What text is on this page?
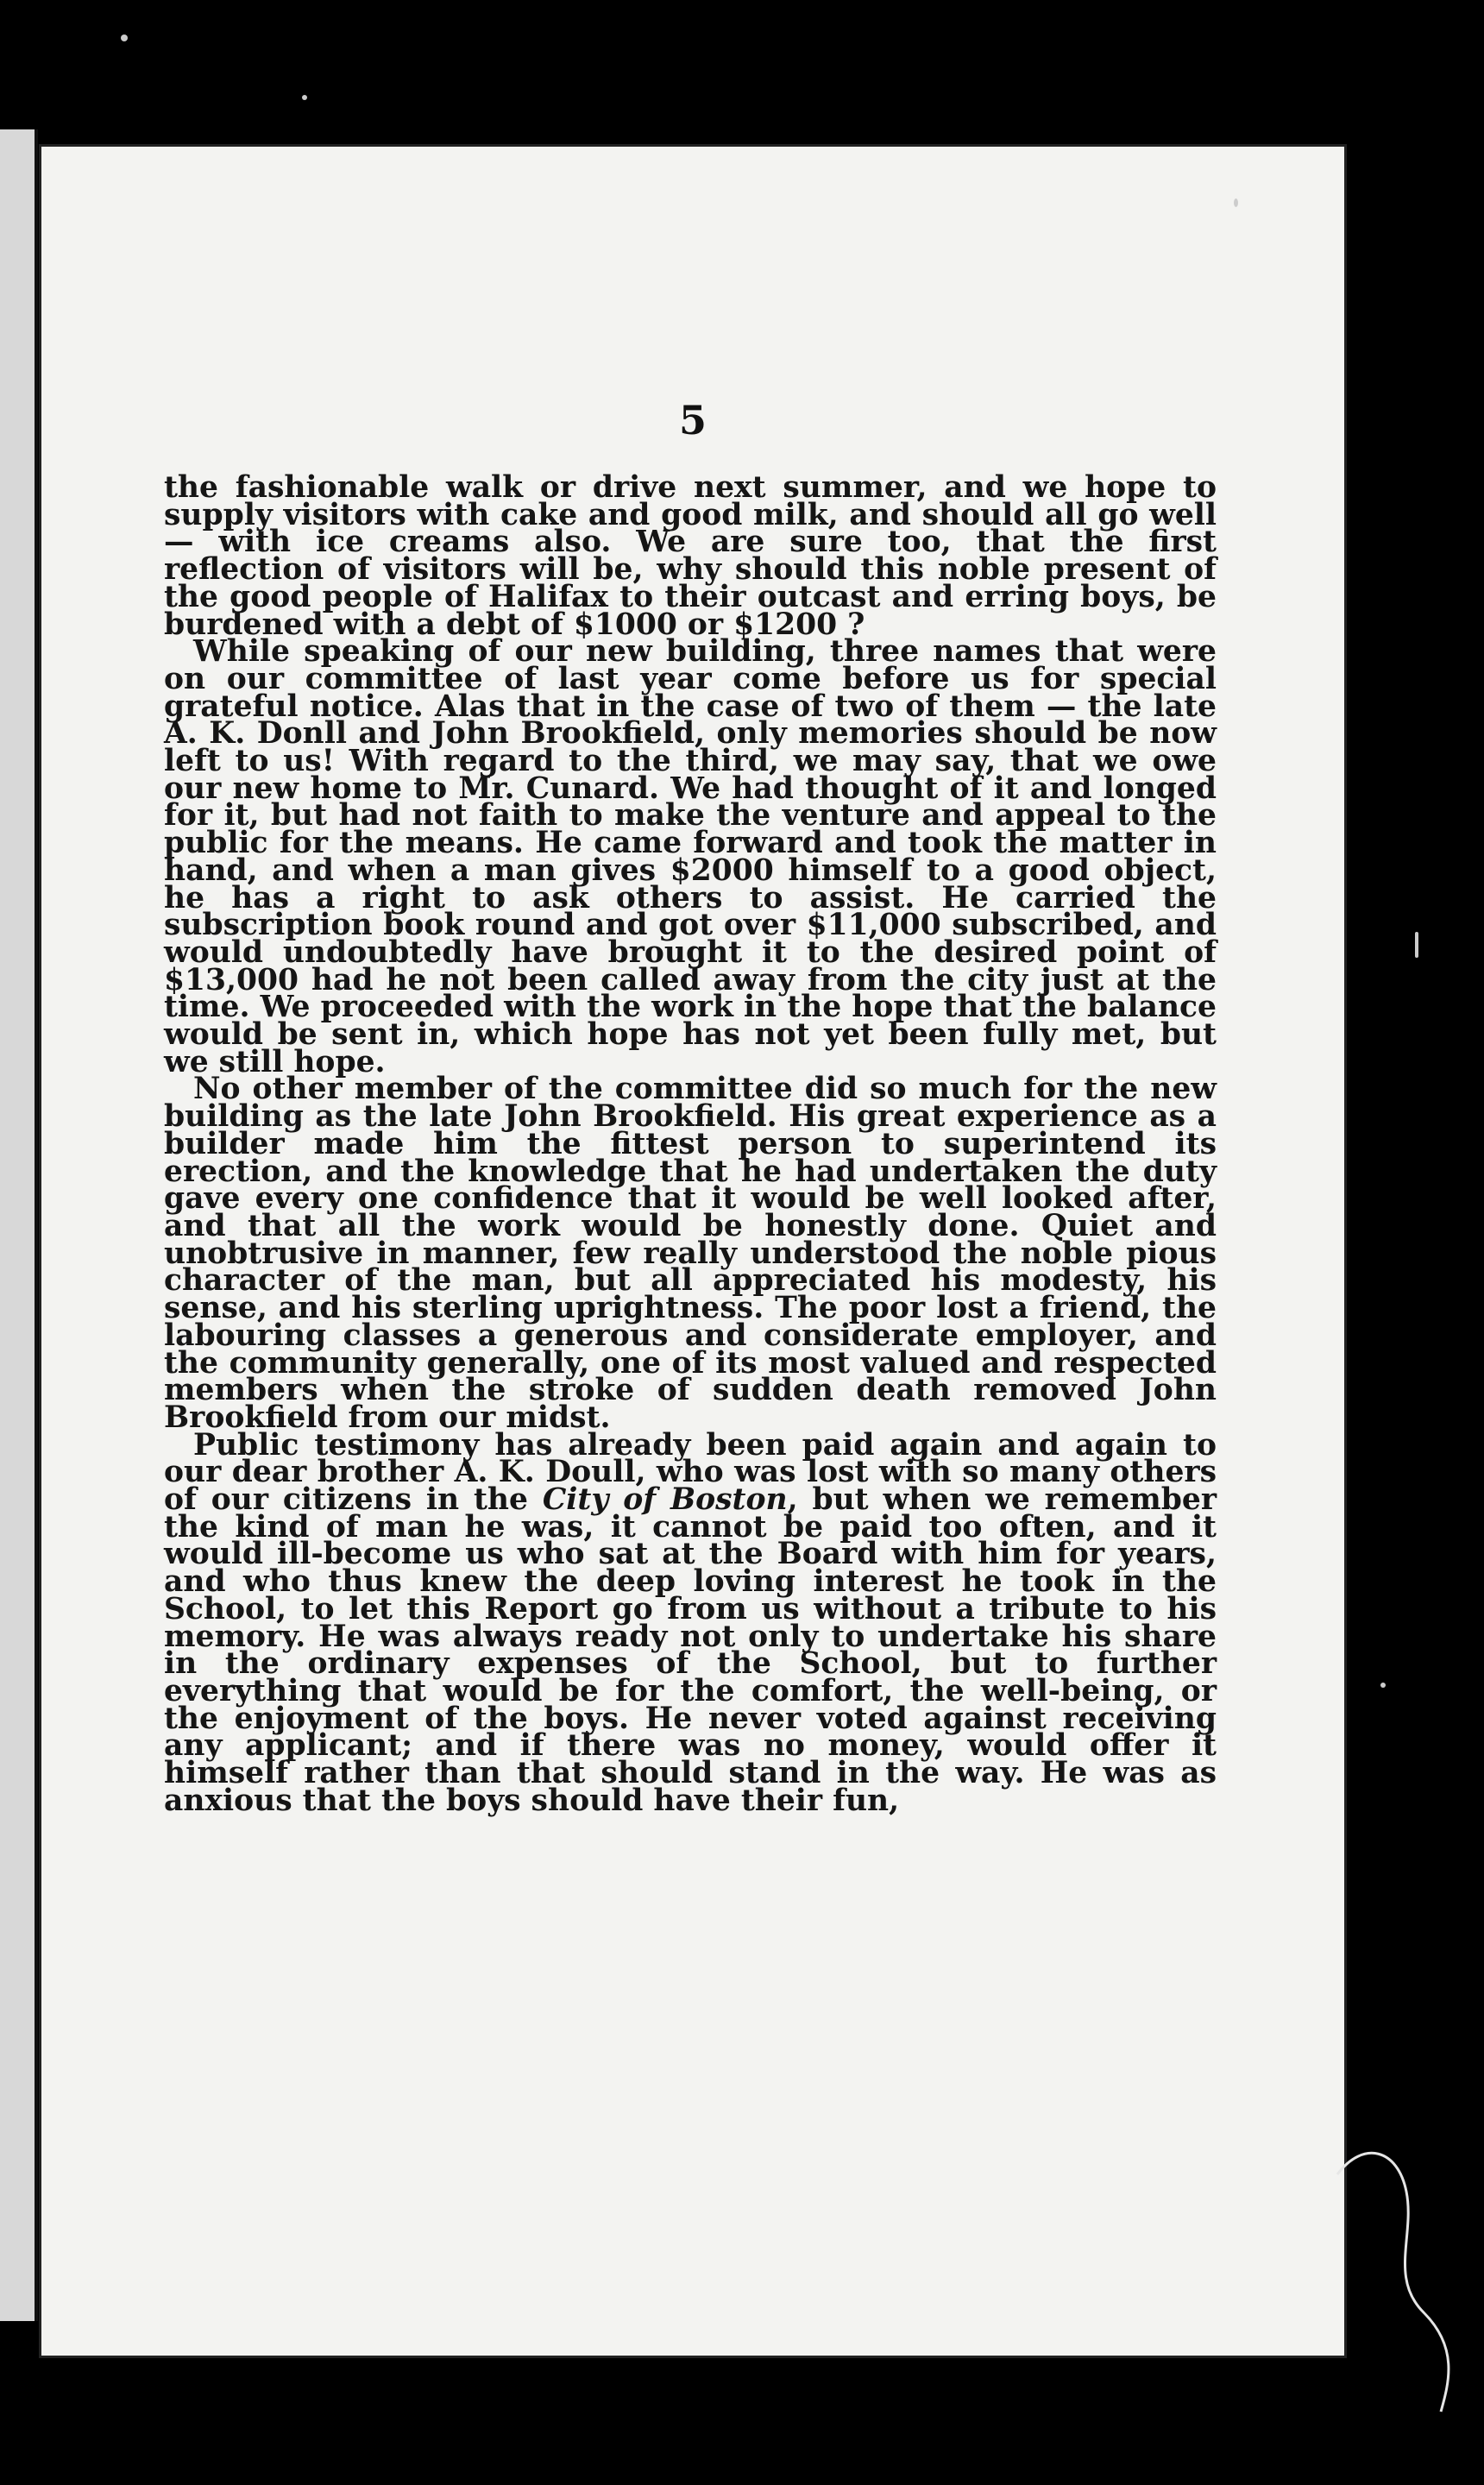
5

the fashionable walk or drive next summer, and we hope to supply visitors with cake and good milk, and should all go well — with ice creams also. We are sure too, that the first reflection of visitors will be, why should this noble present of the good people of Halifax to their outcast and erring boys, be burdened with a debt of $1000 or $1200 ?

While speaking of our new building, three names that were on our committee of last year come before us for special grateful notice. Alas that in the case of two of them — the late A. K. Donll and John Brookfield, only memories should be now left to us! With regard to the third, we may say, that we owe our new home to Mr. Cunard. We had thought of it and longed for it, but had not faith to make the venture and appeal to the public for the means. He came forward and took the matter in hand, and when a man gives $2000 himself to a good object, he has a right to ask others to assist. He carried the subscription book round and got over $11,000 subscribed, and would undoubtedly have brought it to the desired point of $13,000 had he not been called away from the city just at the time. We proceeded with the work in the hope that the balance would be sent in, which hope has not yet been fully met, but we still hope.

No other member of the committee did so much for the new building as the late John Brookfield. His great experience as a builder made him the fittest person to superintend its erection, and the knowledge that he had undertaken the duty gave every one confidence that it would be well looked after, and that all the work would be honestly done. Quiet and unobtrusive in manner, few really understood the noble pious character of the man, but all appreciated his modesty, his sense, and his sterling uprightness. The poor lost a friend, the labouring classes a generous and considerate employer, and the community generally, one of its most valued and respected members when the stroke of sudden death removed John Brookfield from our midst.

Public testimony has already been paid again and again to our dear brother A. K. Doull, who was lost with so many others of our citizens in the City of Boston, but when we remember the kind of man he was, it cannot be paid too often, and it would ill-become us who sat at the Board with him for years, and who thus knew the deep loving interest he took in the School, to let this Report go from us without a tribute to his memory. He was always ready not only to undertake his share in the ordinary expenses of the School, but to further everything that would be for the comfort, the well-being, or the enjoyment of the boys. He never voted against receiving any applicant; and if there was no money, would offer it himself rather than that should stand in the way. He was as anxious that the boys should have their fun,
